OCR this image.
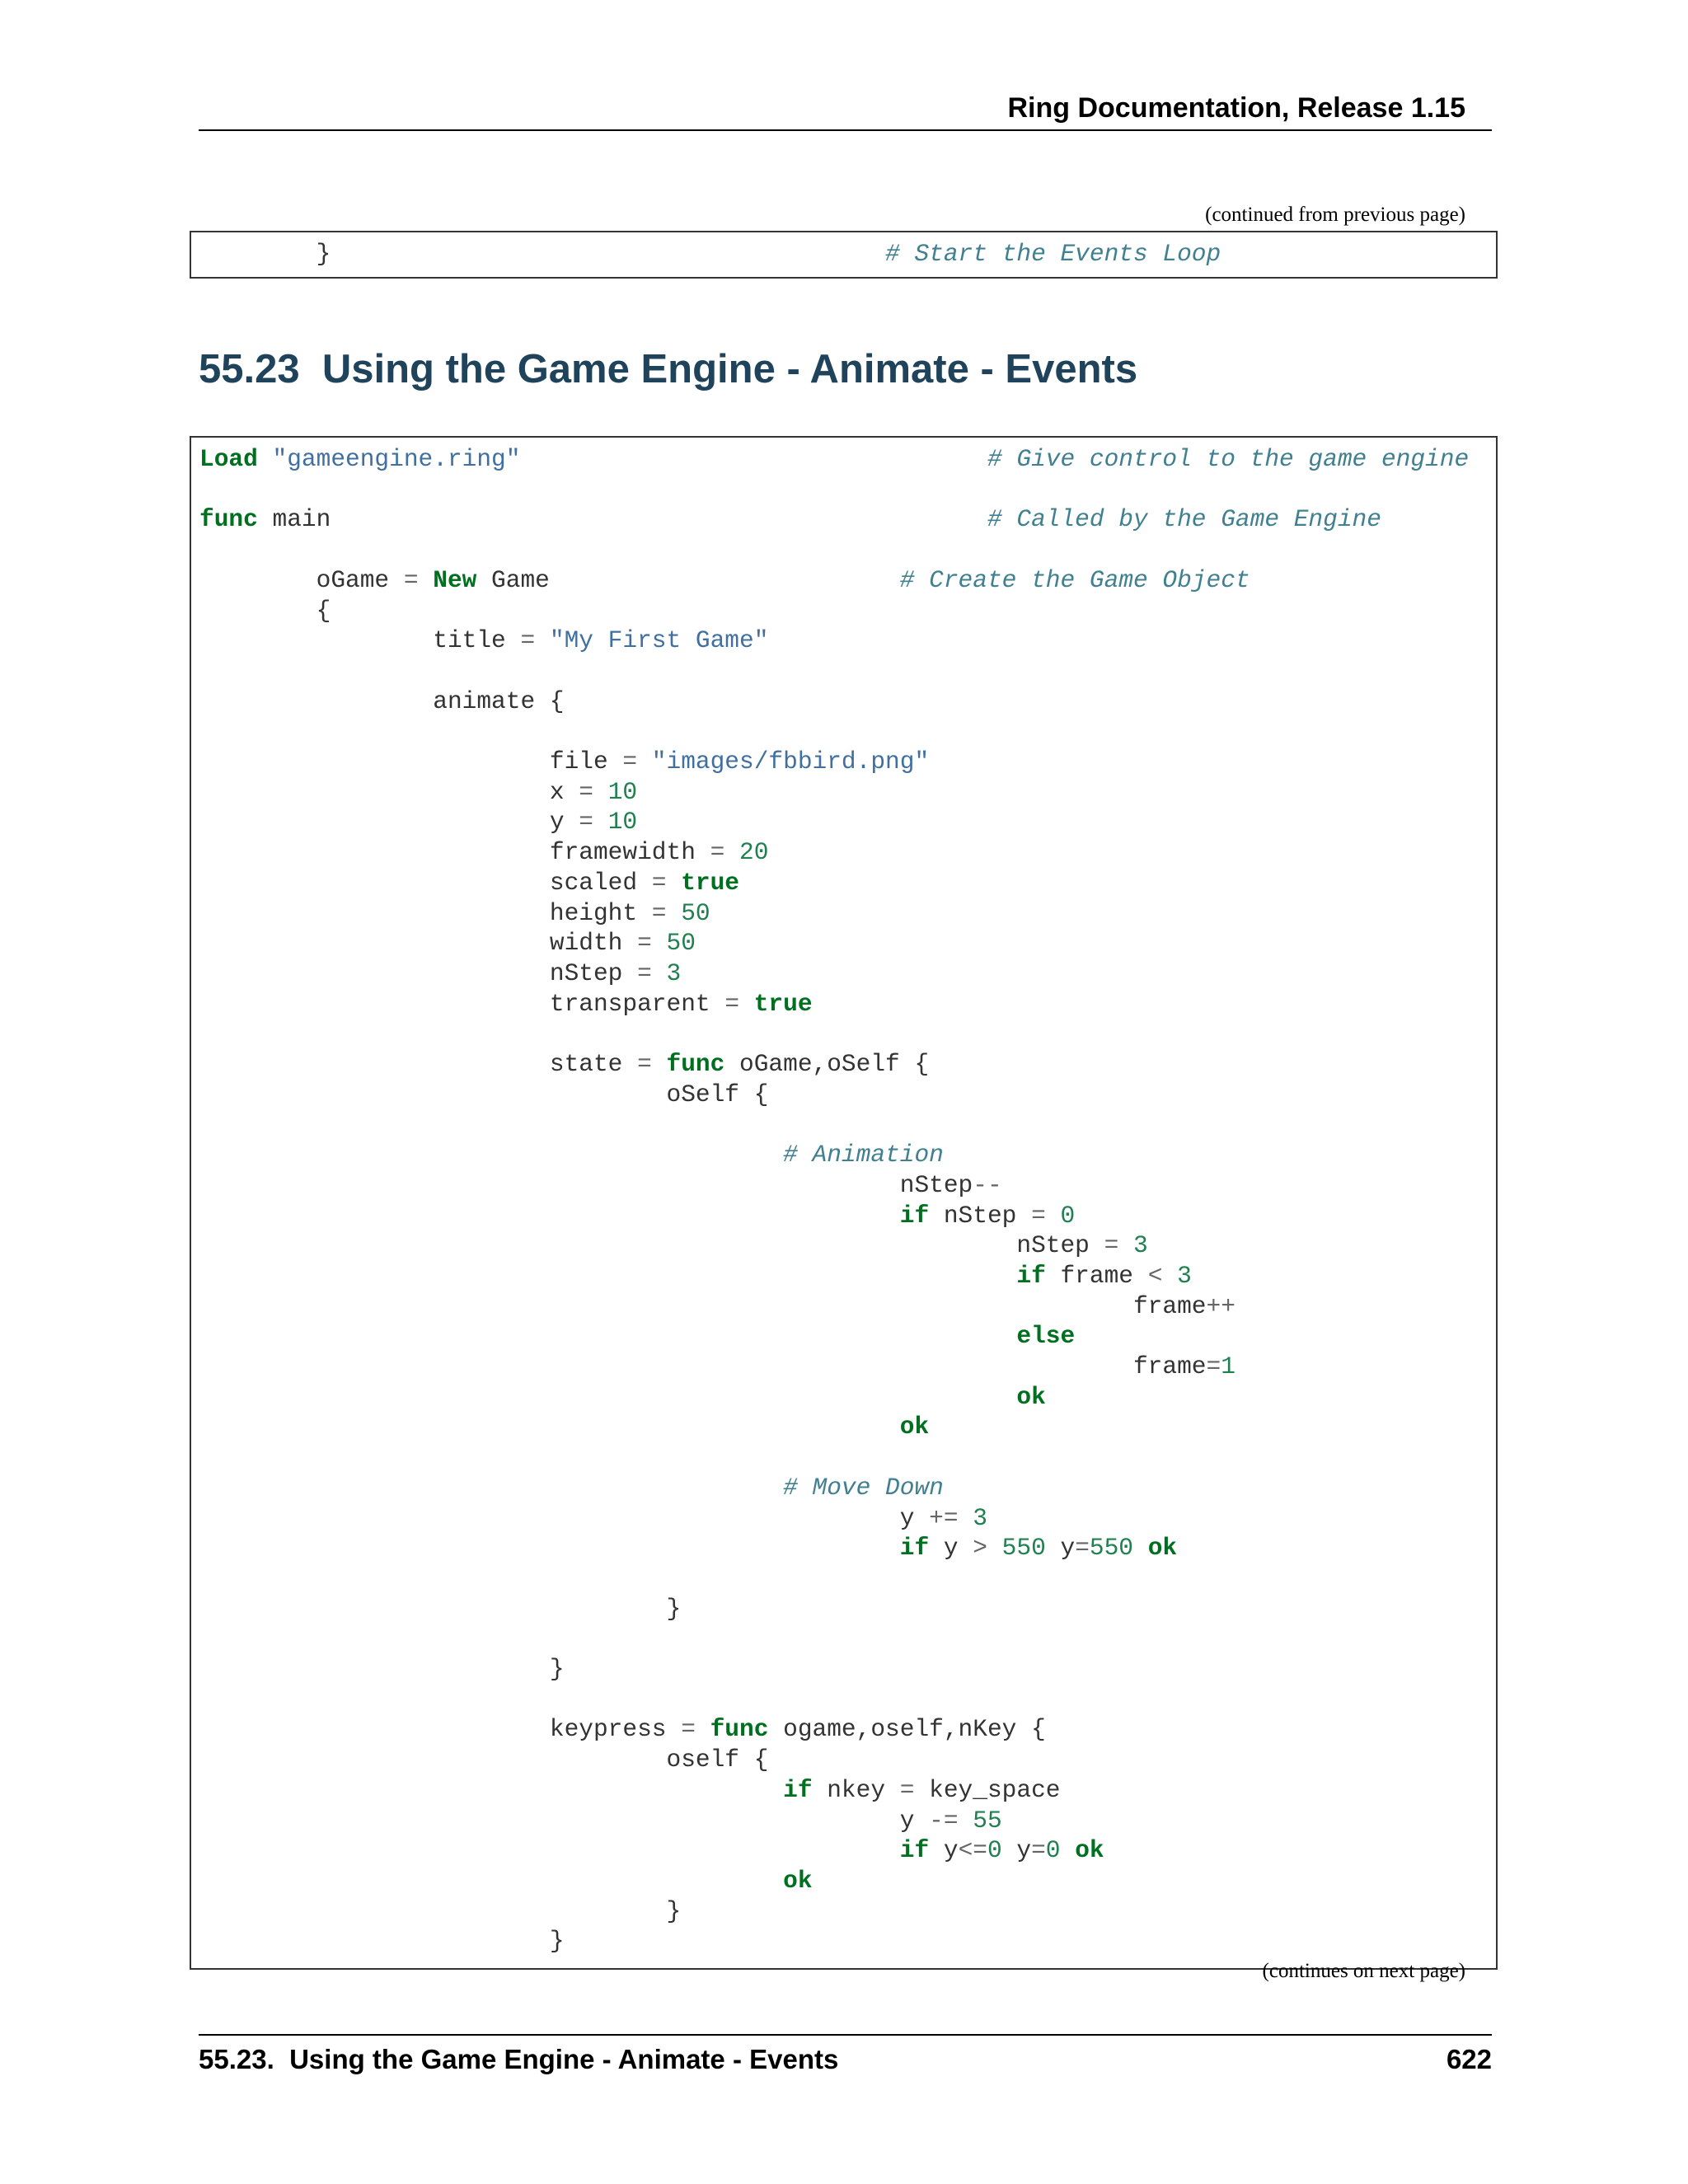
Ring Documentation, Release 1.15
(continued from previous page)
}	# Start the Events Loop
55.23  Using the Game Engine - Animate - Events
Load "gameengine.ring"	# Give control to the game engine
func main	# Called by the Game Engine
oGame = New Game	# Create the Game Object
{
title = "My First Game"
animate {
file = "images/fbbird.png"
x = 10
y = 10
framewidth = 20
scaled = true
height = 50
width = 50
nStep = 3
transparent = true
state = func oGame,oSelf {
oSelf {
# Animation
nStep--
if nStep = 0
nStep = 3
if frame < 3
frame++
else
frame=1
ok
ok
# Move Down
y += 3
if y > 550 y=550 ok
}
}
keypress = func ogame,oself,nKey {
oself {
if nkey = key_space
y -= 55
if y<=0 y=0 ok
ok
}
}
(continues on next page)
55.23.  Using the Game Engine - Animate - Events	622
